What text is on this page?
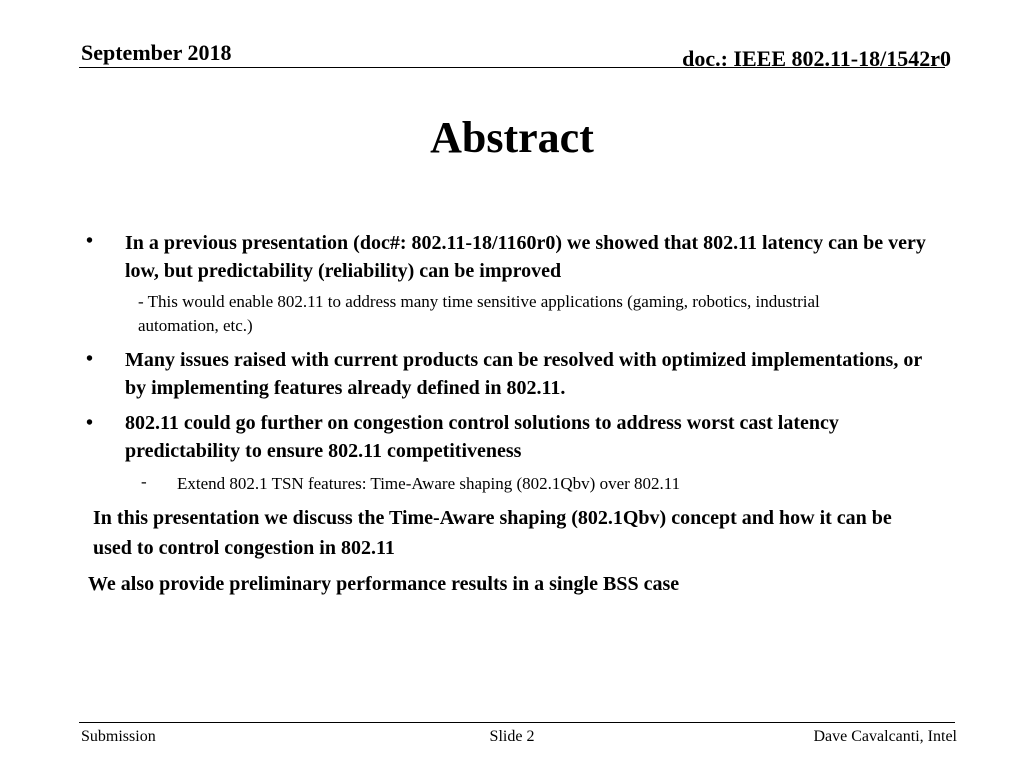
September 2018	doc.: IEEE 802.11-18/1542r0
Abstract
• In a previous presentation (doc#: 802.11-18/1160r0) we showed that 802.11 latency can be very low, but predictability (reliability) can be improved
- This would enable 802.11 to address many time sensitive applications (gaming, robotics, industrial automation, etc.)
• Many issues raised with current products can be resolved with optimized implementations, or by implementing features already defined in 802.11.
• 802.11 could go further on congestion control solutions to address worst cast latency predictability to ensure 802.11 competitiveness
- Extend 802.1 TSN features: Time-Aware shaping (802.1Qbv) over 802.11
In this presentation we discuss the Time-Aware shaping (802.1Qbv) concept and how it can be used to control congestion in 802.11
We also provide preliminary performance results in a single BSS case
Submission	Slide 2	Dave Cavalcanti, Intel
